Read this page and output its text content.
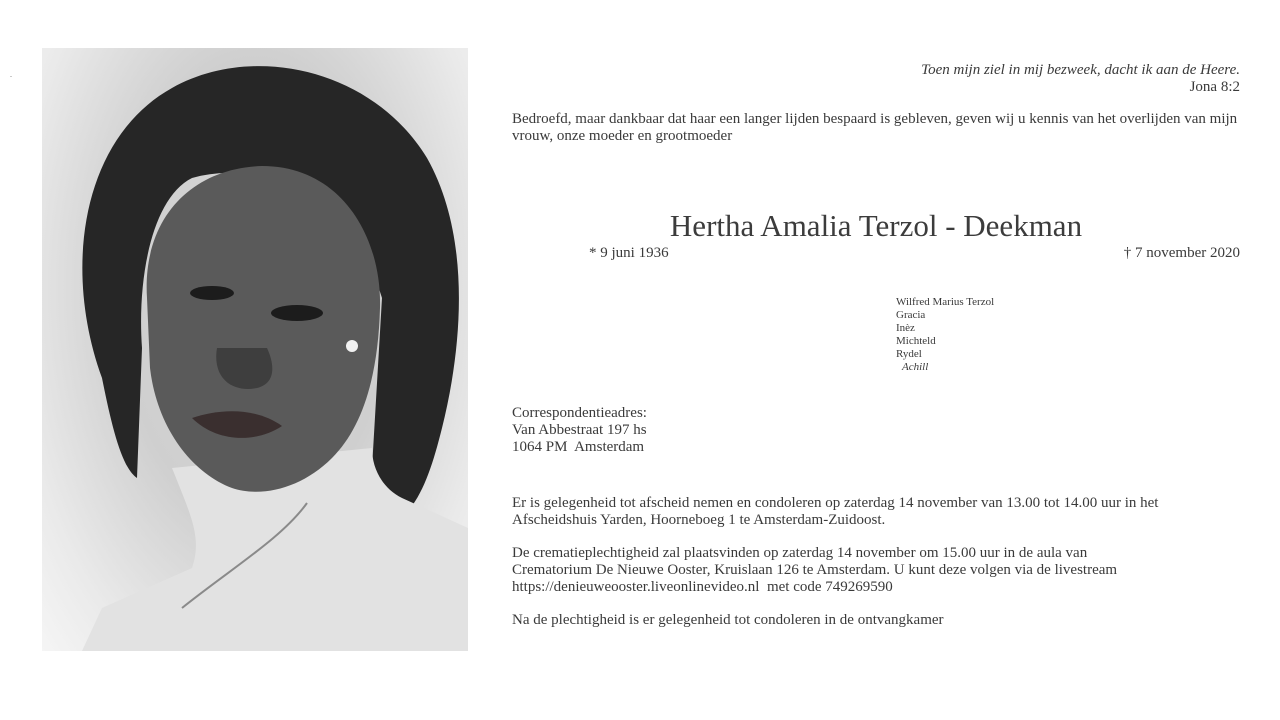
.	Toen mijn ziel in mij bezweek, dacht ik aan de Heere.
Jona 8:2
Bedroefd, maar dankbaar dat haar een langer lijden bespaard is gebleven, geven wij u kennis van het overlijden van mijn vrouw, onze moeder en grootmoeder
Hertha Amalia Terzol - Deekman
* 9 juni 1936	† 7 november 2020
Wilfred Marius Terzol
Gracia
Inèz
Michteld
Rydel
Achill
Correspondentieadres:
Van Abbestraat 197 hs
1064 PM  Amsterdam
Er is gelegenheid tot afscheid nemen en condoleren op zaterdag 14 november van 13.00 tot 14.00 uur in het Afscheidshuis Yarden, Hoorneboeg 1 te Amsterdam-Zuidoost.
De crematieplechtigheid zal plaatsvinden op zaterdag 14 november om 15.00 uur in de aula van
Crematorium De Nieuwe Ooster, Kruislaan 126 te Amsterdam. U kunt deze volgen via de livestream
https://denieuweooster.liveonlinevideo.nl  met code 749269590
Na de plechtigheid is er gelegenheid tot condoleren in de ontvangkamer
